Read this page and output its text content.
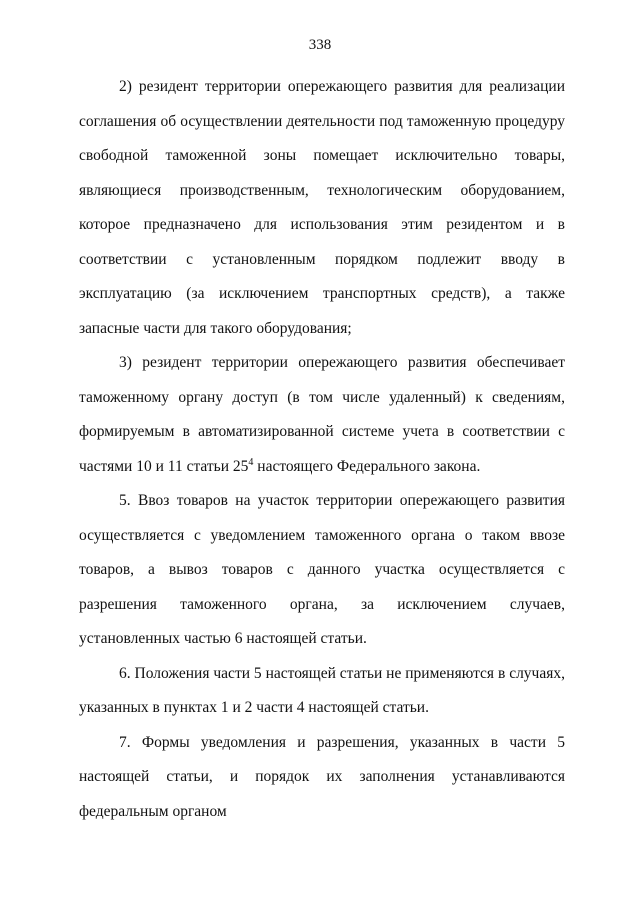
338

2) резидент территории опережающего развития для реализации соглашения об осуществлении деятельности под таможенную процедуру свободной таможенной зоны помещает исключительно товары, являющиеся производственным, технологическим оборудованием, которое предназначено для использования этим резидентом и в соответствии с установленным порядком подлежит вводу в эксплуатацию (за исключением транспортных средств), а также запасные части для такого оборудования;

3) резидент территории опережающего развития обеспечивает таможенному органу доступ (в том числе удаленный) к сведениям, формируемым в автоматизированной системе учета в соответствии с частями 10 и 11 статьи $25^4$ настоящего Федерального закона.

5. Ввоз товаров на участок территории опережающего развития осуществляется с уведомлением таможенного органа о таком ввозе товаров, а вывоз товаров с данного участка осуществляется с разрешения таможенного органа, за исключением случаев, установленных частью 6 настоящей статьи.

6. Положения части 5 настоящей статьи не применяются в случаях, указанных в пунктах 1 и 2 части 4 настоящей статьи.

7. Формы уведомления и разрешения, указанных в части 5 настоящей статьи, и порядок их заполнения устанавливаются федеральным органом
